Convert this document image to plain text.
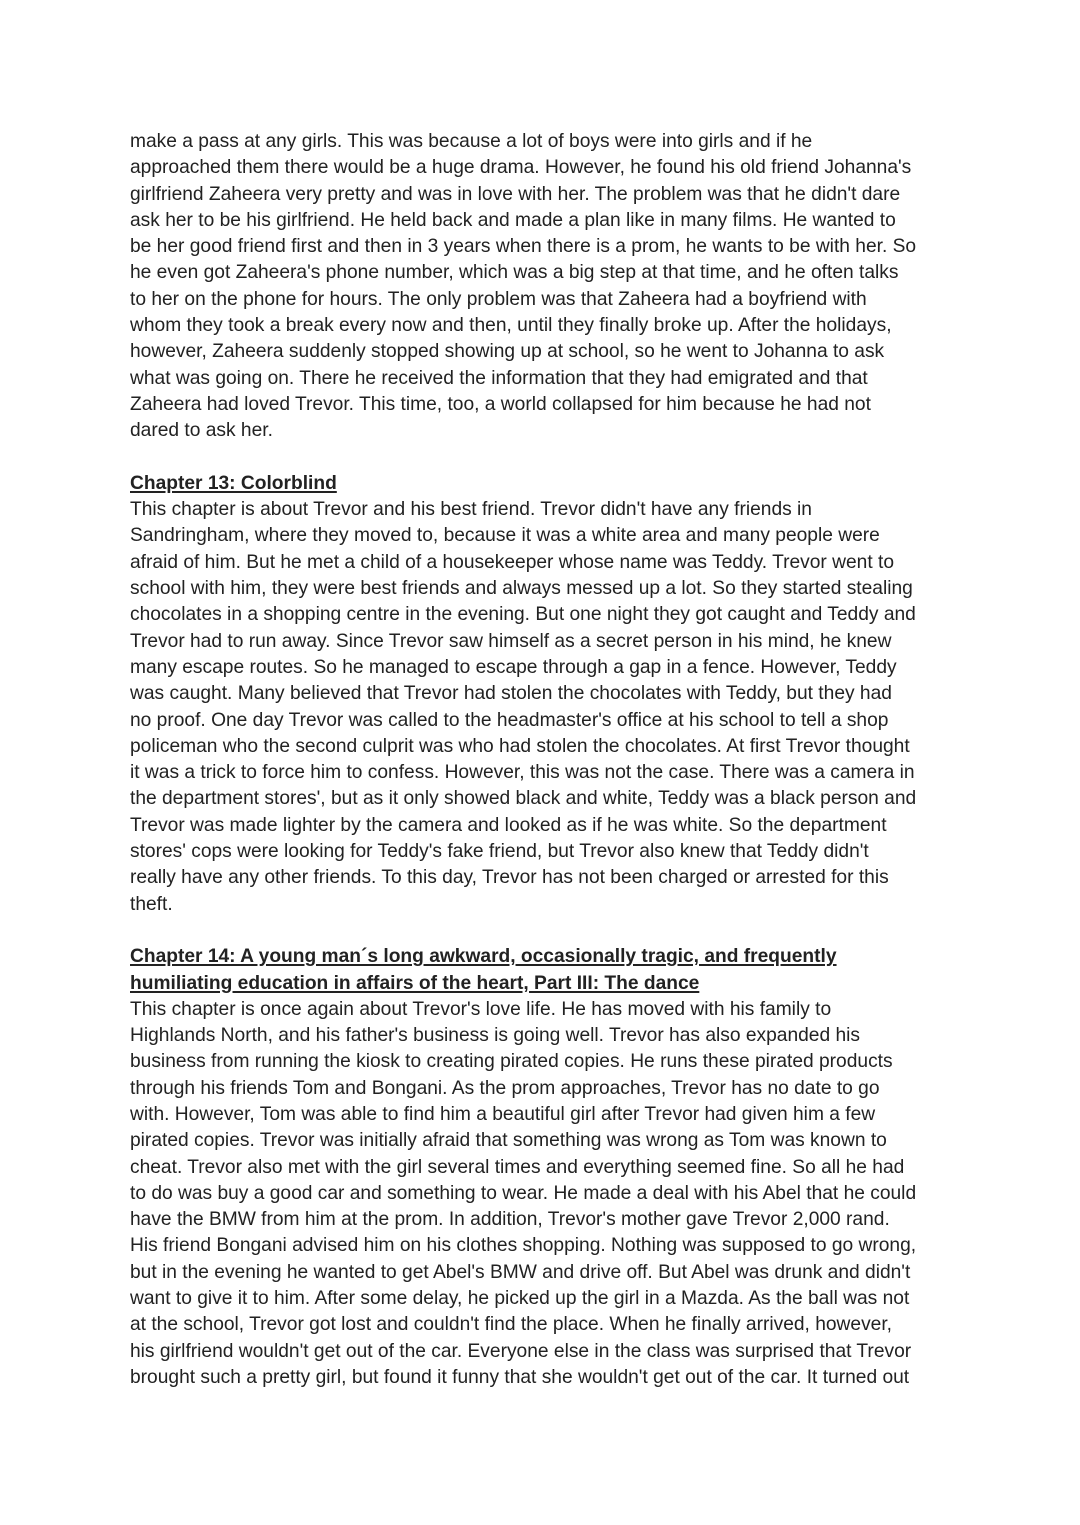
make a pass at any girls. This was because a lot of boys were into girls and if he
approached them there would be a huge drama. However, he found his old friend Johanna's
girlfriend Zaheera very pretty and was in love with her. The problem was that he didn't dare
ask her to be his girlfriend. He held back and made a plan like in many films. He wanted to
be her good friend first and then in 3 years when there is a prom, he wants to be with her. So
he even got Zaheera's phone number, which was a big step at that time, and he often talks
to her on the phone for hours. The only problem was that Zaheera had a boyfriend with
whom they took a break every now and then, until they finally broke up. After the holidays,
however, Zaheera suddenly stopped showing up at school, so he went to Johanna to ask
what was going on. There he received the information that they had emigrated and that
Zaheera had loved Trevor. This time, too, a world collapsed for him because he had not
dared to ask her.
Chapter 13: Colorblind
This chapter is about Trevor and his best friend. Trevor didn't have any friends in
Sandringham, where they moved to, because it was a white area and many people were
afraid of him. But he met a child of a housekeeper whose name was Teddy. Trevor went to
school with him, they were best friends and always messed up a lot. So they started stealing
chocolates in a shopping centre in the evening. But one night they got caught and Teddy and
Trevor had to run away. Since Trevor saw himself as a secret person in his mind, he knew
many escape routes. So he managed to escape through a gap in a fence. However, Teddy
was caught. Many believed that Trevor had stolen the chocolates with Teddy, but they had
no proof. One day Trevor was called to the headmaster's office at his school to tell a shop
policeman who the second culprit was who had stolen the chocolates. At first Trevor thought
it was a trick to force him to confess. However, this was not the case. There was a camera in
the department stores', but as it only showed black and white, Teddy was a black person and
Trevor was made lighter by the camera and looked as if he was white. So the department
stores' cops were looking for Teddy's fake friend, but Trevor also knew that Teddy didn't
really have any other friends. To this day, Trevor has not been charged or arrested for this
theft.
Chapter 14: A young man´s long awkward, occasionally tragic, and frequently
humiliating education in affairs of the heart, Part III: The dance
This chapter is once again about Trevor's love life. He has moved with his family to
Highlands North, and his father's business is going well. Trevor has also expanded his
business from running the kiosk to creating pirated copies. He runs these pirated products
through his friends Tom and Bongani. As the prom approaches, Trevor has no date to go
with. However, Tom was able to find him a beautiful girl after Trevor had given him a few
pirated copies. Trevor was initially afraid that something was wrong as Tom was known to
cheat. Trevor also met with the girl several times and everything seemed fine. So all he had
to do was buy a good car and something to wear. He made a deal with his Abel that he could
have the BMW from him at the prom. In addition, Trevor's mother gave Trevor 2,000 rand.
His friend Bongani advised him on his clothes shopping. Nothing was supposed to go wrong,
but in the evening he wanted to get Abel's BMW and drive off. But Abel was drunk and didn't
want to give it to him. After some delay, he picked up the girl in a Mazda. As the ball was not
at the school, Trevor got lost and couldn't find the place. When he finally arrived, however,
his girlfriend wouldn't get out of the car. Everyone else in the class was surprised that Trevor
brought such a pretty girl, but found it funny that she wouldn't get out of the car. It turned out
